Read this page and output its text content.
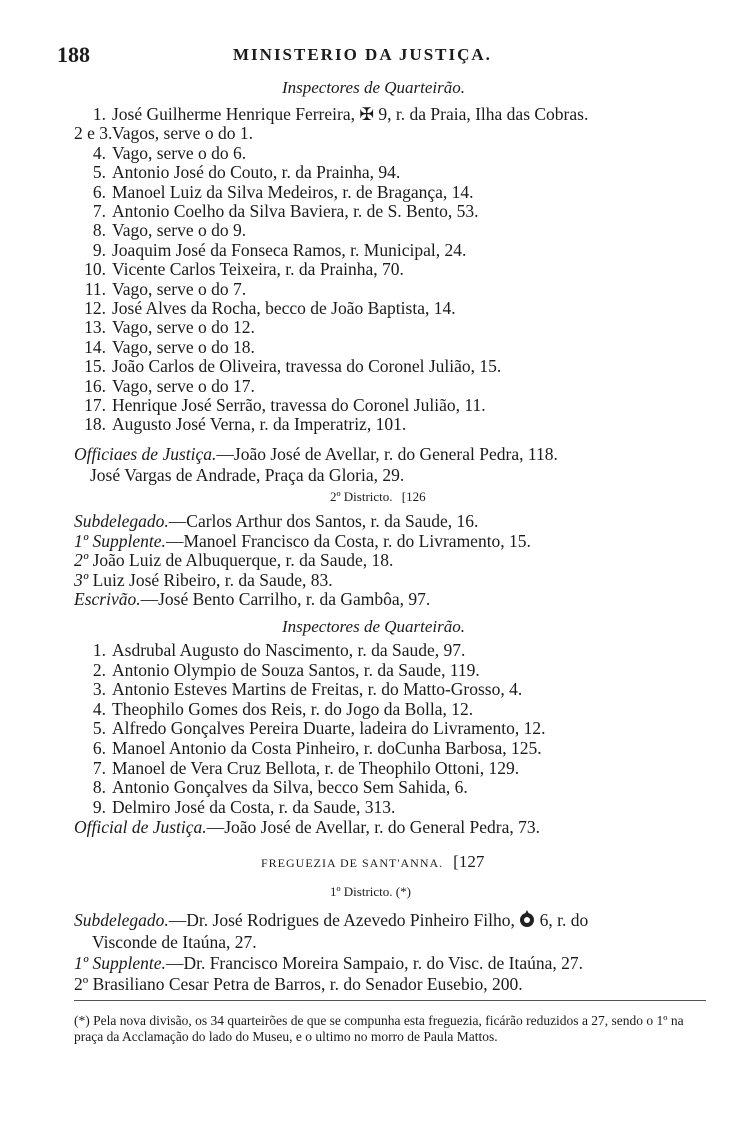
188	MINISTERIO DA JUSTIÇA.
Inspectores de Quarteirão.
1. José Guilherme Henrique Ferreira, ✠ 9, r. da Praia, Ilha das Cobras.
2 e 3.Vagos, serve o do 1.
4. Vago, serve o do 6.
5. Antonio José do Couto, r. da Prainha, 94.
6. Manoel Luiz da Silva Medeiros, r. de Bragança, 14.
7. Antonio Coelho da Silva Baviera, r. de S. Bento, 53.
8. Vago, serve o do 9.
9. Joaquim José da Fonseca Ramos, r. Municipal, 24.
10. Vicente Carlos Teixeira, r. da Prainha, 70.
11. Vago, serve o do 7.
12. José Alves da Rocha, becco de João Baptista, 14.
13. Vago, serve o do 12.
14. Vago, serve o do 18.
15. João Carlos de Oliveira, travessa do Coronel Julião, 15.
16. Vago, serve o do 17.
17. Henrique José Serrão, travessa do Coronel Julião, 11.
18. Augusto José Verna, r. da Imperatriz, 101.
Officiaes de Justiça.—João José de Avellar, r. do General Pedra, 118.
José Vargas de Andrade, Praça da Gloria, 29.
2º Districto. [126
Subdelegado.—Carlos Arthur dos Santos, r. da Saude, 16.
1º Supplente.—Manoel Francisco da Costa, r. do Livramento, 15.
2º João Luiz de Albuquerque, r. da Saude, 18.
3º Luiz José Ribeiro, r. da Saude, 83.
Escrivão.—José Bento Carrilho, r. da Gambôa, 97.
Inspectores de Quarteirão.
1. Asdrubal Augusto do Nascimento, r. da Saude, 97.
2. Antonio Olympio de Souza Santos, r. da Saude, 119.
3. Antonio Esteves Martins de Freitas, r. do Matto-Grosso, 4.
4. Theophilo Gomes dos Reis, r. do Jogo da Bolla, 12.
5. Alfredo Gonçalves Pereira Duarte, ladeira do Livramento, 12.
6. Manoel Antonio da Costa Pinheiro, r. doCunha Barbosa, 125.
7. Manoel de Vera Cruz Bellota, r. de Theophilo Ottoni, 129.
8. Antonio Gonçalves da Silva, becco Sem Sahida, 6.
9. Delmiro José da Costa, r. da Saude, 313.
Official de Justiça.—João José de Avellar, r. do General Pedra, 73.
FREGUEZIA DE SANT'ANNA. [127
1º Districto. (*)
Subdelegado.—Dr. José Rodrigues de Azevedo Pinheiro Filho, 6, r. do
Visconde de Itaúna, 27.
1º Supplente.—Dr. Francisco Moreira Sampaio, r. do Visc. de Itaúna, 27.
2º Brasiliano Cesar Petra de Barros, r. do Senador Eusebio, 200.
(*) Pela nova divisão, os 34 quarteirões de que se compunha esta freguezia, ficárão reduzidos a 27, sendo o 1º na praça da Acclamação do lado do Museu, e o ultimo no morro de Paula Mattos.
